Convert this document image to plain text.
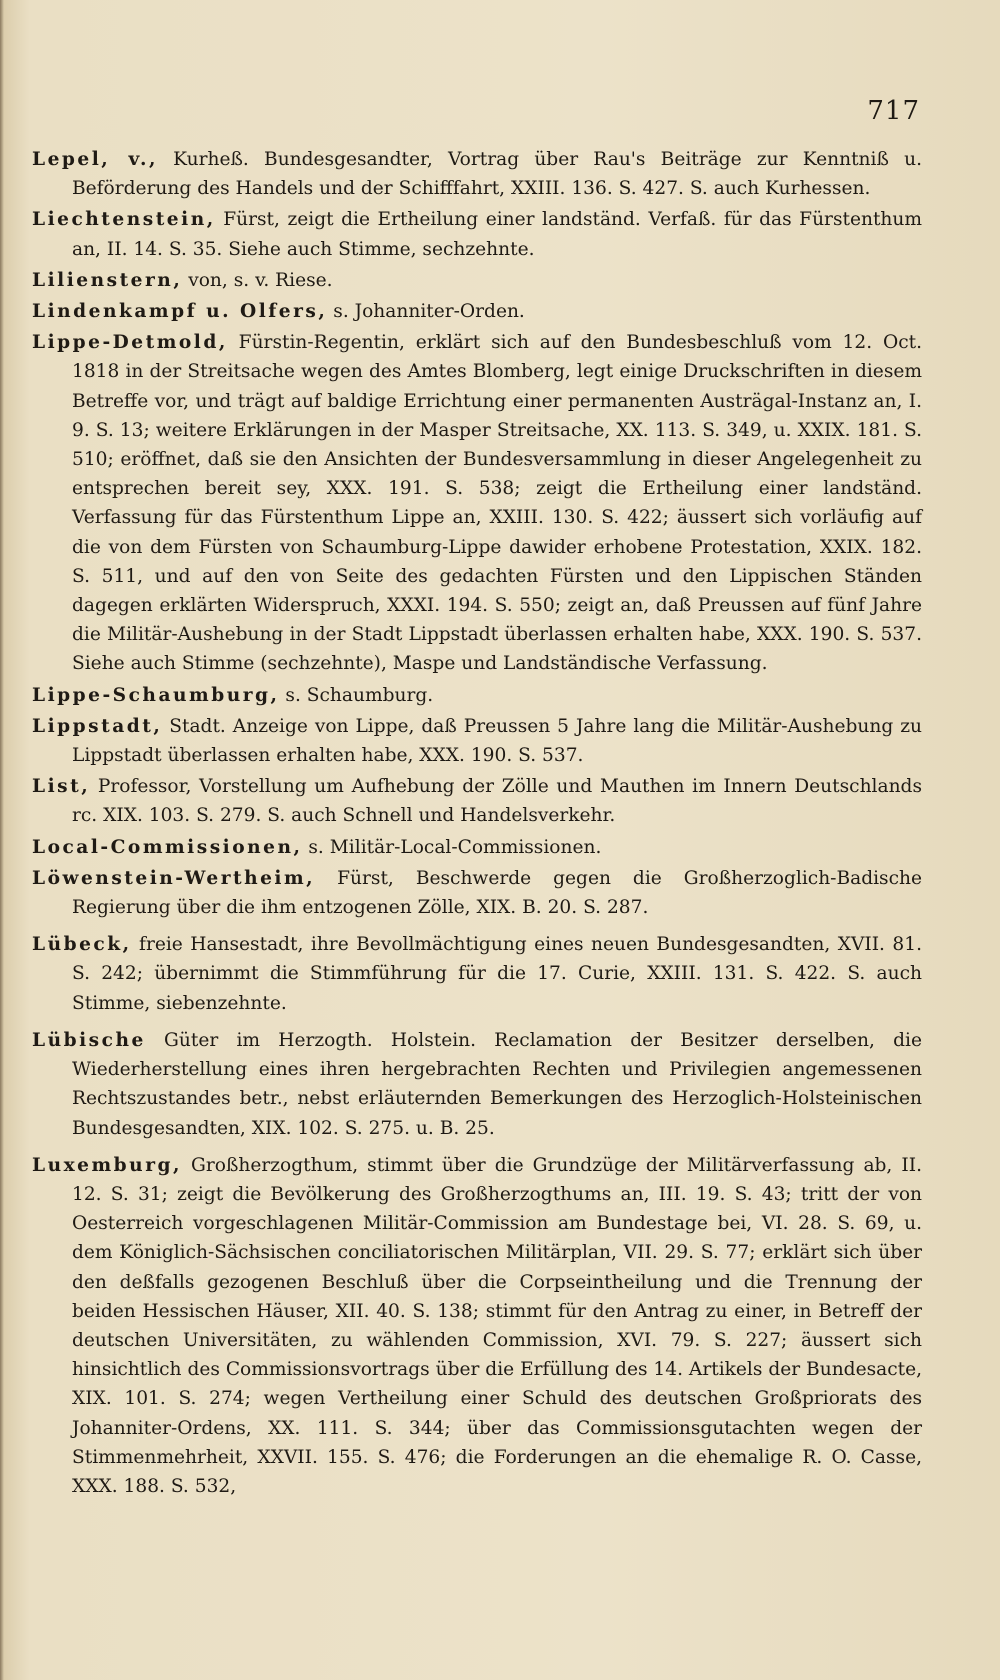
717

Lepel, v., Kurheß. Bundesgesandter, Vortrag über Rau's Beiträge zur Kenntniß u. Beförderung des Handels und der Schifffahrt, XXIII. 136. S. 427. S. auch Kurhessen.

Liechtenstein, Fürst, zeigt die Ertheilung einer landständ. Verfaß. für das Fürstenthum an, II. 14. S. 35. Siehe auch Stimme, sechzehnte.

Lilienstern, von, s. v. Riese.

Lindenkampf u. Olfers, s. Johanniter-Orden.

Lippe-Detmold, Fürstin-Regentin, erklärt sich auf den Bundesbeschluß vom 12. Oct. 1818 in der Streitsache wegen des Amtes Blomberg, legt einige Druckschriften in diesem Betreffe vor, und trägt auf baldige Errichtung einer permanenten Austrägal-Instanz an, I. 9. S. 13; weitere Erklärungen in der Masper Streitsache, XX. 113. S. 349, u. XXIX. 181. S. 510; eröffnet, daß sie den Ansichten der Bundesversammlung in dieser Angelegenheit zu entsprechen bereit sey, XXX. 191. S. 538; zeigt die Ertheilung einer landständ. Verfassung für das Fürstenthum Lippe an, XXIII. 130. S. 422; äussert sich vorläufig auf die von dem Fürsten von Schaumburg-Lippe dawider erhobene Protestation, XXIX. 182. S. 511, und auf den von Seite des gedachten Fürsten und den Lippischen Ständen dagegen erklärten Widerspruch, XXXI. 194. S. 550; zeigt an, daß Preussen auf fünf Jahre die Militär-Aushebung in der Stadt Lippstadt überlassen erhalten habe, XXX. 190. S. 537. Siehe auch Stimme (sechzehnte), Maspe und Landständische Verfassung.

Lippe-Schaumburg, s. Schaumburg.

Lippstadt, Stadt. Anzeige von Lippe, daß Preussen 5 Jahre lang die Militär-Aushebung zu Lippstadt überlassen erhalten habe, XXX. 190. S. 537.

List, Professor, Vorstellung um Aufhebung der Zölle und Mauthen im Innern Deutschlands rc. XIX. 103. S. 279. S. auch Schnell und Handelsverkehr.

Local-Commissionen, s. Militär-Local-Commissionen.

Löwenstein-Wertheim, Fürst, Beschwerde gegen die Großherzoglich-Badische Regierung über die ihm entzogenen Zölle, XIX. B. 20. S. 287.

Lübeck, freie Hansestadt, ihre Bevollmächtigung eines neuen Bundesgesandten, XVII. 81. S. 242; übernimmt die Stimmführung für die 17. Curie, XXIII. 131. S. 422. S. auch Stimme, siebenzehnte.

Lübische Güter im Herzogth. Holstein. Reclamation der Besitzer derselben, die Wiederherstellung eines ihren hergebrachten Rechten und Privilegien angemessenen Rechtszustandes betr., nebst erläuternden Bemerkungen des Herzoglich-Holsteinischen Bundesgesandten, XIX. 102. S. 275. u. B. 25.

Luxemburg, Großherzogthum, stimmt über die Grundzüge der Militärverfassung ab, II. 12. S. 31; zeigt die Bevölkerung des Großherzogthums an, III. 19. S. 43; tritt der von Oesterreich vorgeschlagenen Militär-Commission am Bundestage bei, VI. 28. S. 69, u. dem Königlich-Sächsischen conciliatorischen Militärplan, VII. 29. S. 77; erklärt sich über den deßfalls gezogenen Beschluß über die Corpseintheilung und die Trennung der beiden Hessischen Häuser, XII. 40. S. 138; stimmt für den Antrag zu einer, in Betreff der deutschen Universitäten, zu wählenden Commission, XVI. 79. S. 227; äussert sich hinsichtlich des Commissionsvortrags über die Erfüllung des 14. Artikels der Bundesacte, XIX. 101. S. 274; wegen Vertheilung einer Schuld des deutschen Großpriorats des Johanniter-Ordens, XX. 111. S. 344; über das Commissionsgutachten wegen der Stimmenmehrheit, XXVII. 155. S. 476; die Forderungen an die ehemalige R. O. Casse, XXX. 188. S. 532,
